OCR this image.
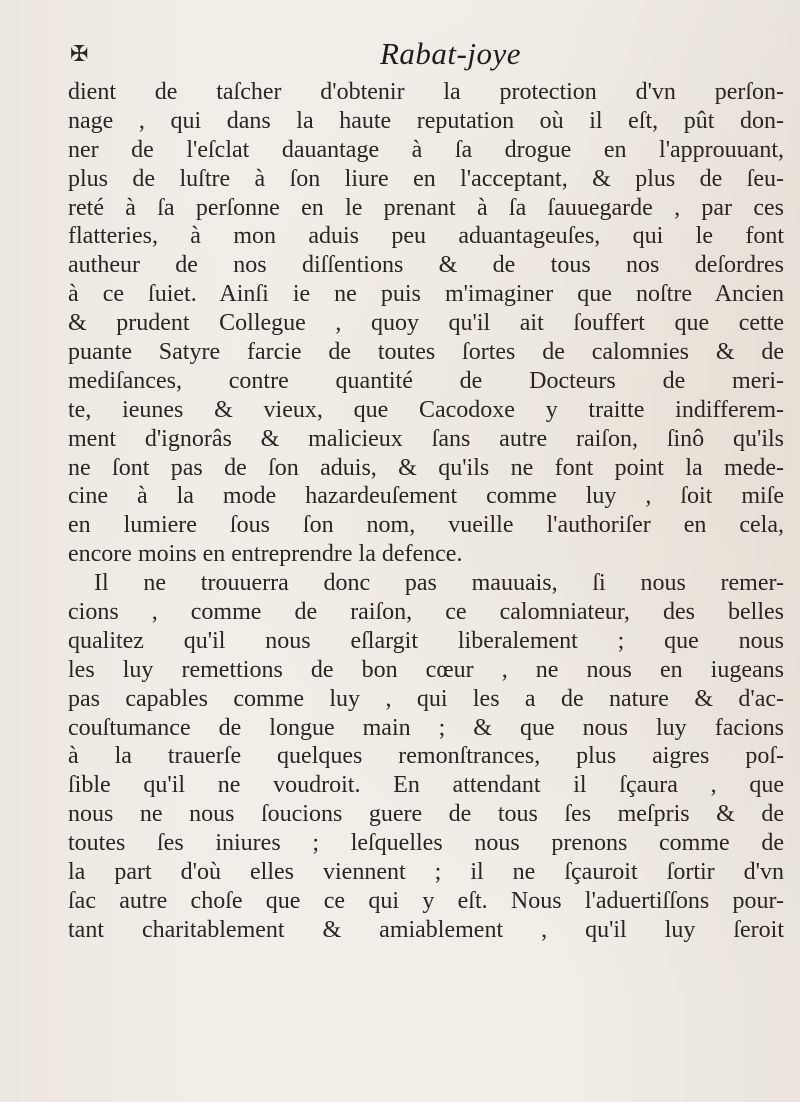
✠	Rabat-joye
dient de taſcher d'obtenir la protection d'vn perſon-
nage , qui dans la haute reputation où il eſt, pût don-
ner de l'eſclat dauantage à ſa drogue en l'approuuant,
plus de luſtre à ſon liure en l'acceptant, & plus de ſeu-
reté à ſa perſonne en le prenant à ſa ſauuegarde , par ces
flatteries, à mon aduis peu aduantageuſes, qui le font
autheur de nos diſſentions & de tous nos deſordres
à ce ſuiet. Ainſi ie ne puis m'imaginer que noſtre Ancien
& prudent Collegue , quoy qu'il ait ſouffert que cette
puante Satyre farcie de toutes ſortes de calomnies & de
mediſances, contre quantité de Docteurs de meri-
te, ieunes & vieux, que Cacodoxe y traitte indifferem-
ment d'ignorâs & malicieux ſans autre raiſon, ſinô qu'ils
ne ſont pas de ſon aduis, & qu'ils ne font point la mede-
cine à la mode hazardeuſement comme luy , ſoit miſe
en lumiere ſous ſon nom, vueille l'authoriſer en cela,
encore moins en entreprendre la defence.
Il ne trouuerra donc pas mauuais, ſi nous remer-
cions , comme de raiſon, ce calomniateur, des belles
qualitez qu'il nous eſlargit liberalement ; que nous
les luy remettions de bon cœur , ne nous en iugeans
pas capables comme luy , qui les a de nature & d'ac-
couſtumance de longue main ; & que nous luy facions
à la trauerſe quelques remonſtrances, plus aigres poſ-
ſible qu'il ne voudroit. En attendant il ſçaura , que
nous ne nous ſoucions guere de tous ſes meſpris & de
toutes ſes iniures ; leſquelles nous prenons comme de
la part d'où elles viennent ; il ne ſçauroit ſortir d'vn
ſac autre choſe que ce qui y eſt. Nous l'aduertiſſons pour-
tant charitablement & amiablement , qu'il luy ſeroit
